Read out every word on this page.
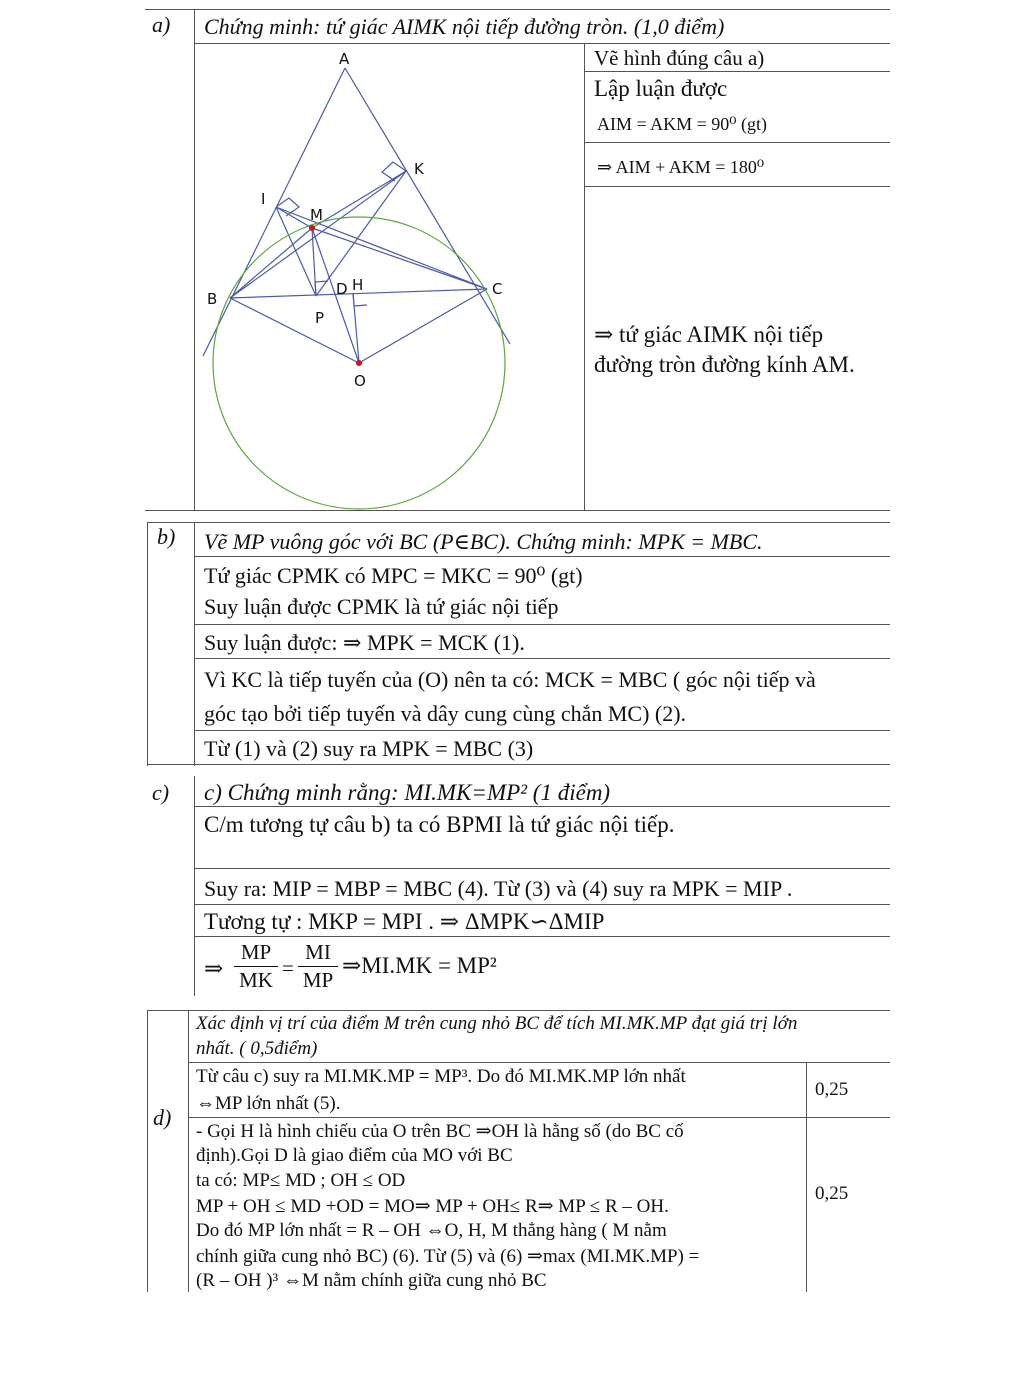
a) Chứng minh: tứ giác AIMK nội tiếp đường tròn. (1,0 điểm)
Vẽ hình đúng câu a)
Lập luận được
AIM = AKM = 90⁰ (gt)
⇒ AIM + AKM = 180⁰
⇒ tứ giác AIMK nội tiếp
đường tròn đường kính AM.
A
K
I
M
B
D H	C
P
O
b) Vẽ MP vuông góc với BC (P∈BC). Chứng minh: MPK = MBC.
Tứ giác CPMK có MPC = MKC = 90⁰ (gt)
Suy luận được CPMK là tứ giác nội tiếp
Suy luận được: ⇒ MPK = MCK (1).
Vì KC là tiếp tuyến của (O) nên ta có: MCK = MBC ( góc nội tiếp và
góc tạo bởi tiếp tuyến và dây cung cùng chắn MC) (2).
Từ (1) và (2) suy ra MPK = MBC (3)
c) c) Chứng minh rằng: MI.MK=MP² (1 điểm)
C/m tương tự câu b) ta có BPMI là tứ giác nội tiếp.
Suy ra: MIP = MBP = MBC (4). Từ (3) và (4) suy ra MPK = MIP .
Tương tự : MKP = MPI . ⇒ ΔMPK∽ΔMIP
⇒
MP
MK =
MI
MP
⇒MI.MK = MP²
d)
Xác định vị trí của điểm M trên cung nhỏ BC để tích MI.MK.MP đạt giá trị lớn
nhất. ( 0,5điểm)
Từ câu c) suy ra MI.MK.MP = MP³. Do đó MI.MK.MP lớn nhất
⇔MP lớn nhất (5).
0,25
- Gọi H là hình chiếu của O trên BC ⇒OH là hằng số (do BC cố
định).Gọi D là giao điểm của MO với BC
ta có: MP≤ MD ; OH ≤ OD
MP + OH ≤ MD +OD = MO⇒ MP + OH≤ R⇒ MP ≤ R – OH.
Do đó MP lớn nhất = R – OH ⇔O, H, M thẳng hàng ( M nằm
chính giữa cung nhỏ BC) (6). Từ (5) và (6) ⇒max (MI.MK.MP) =
(R – OH )³ ⇔M nằm chính giữa cung nhỏ BC
0,25
